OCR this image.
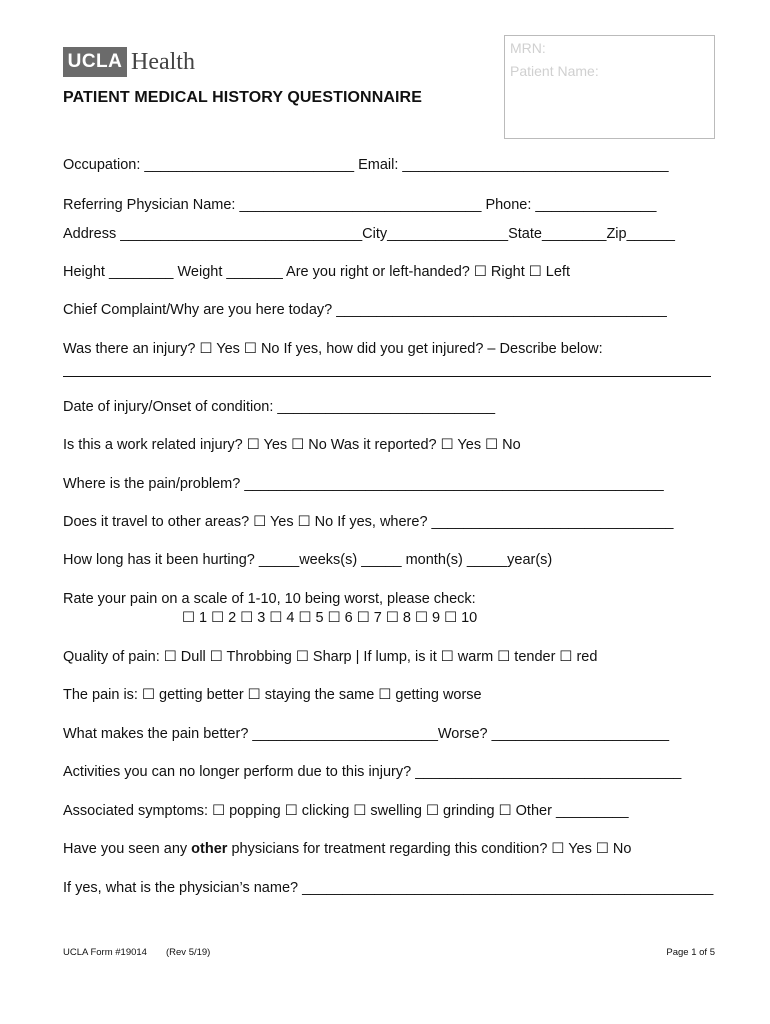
UCLA Health
PATIENT MEDICAL HISTORY QUESTIONNAIRE
MRN:
Patient Name:
Occupation: __________________________ Email: _________________________________
Referring Physician Name: ______________________________ Phone: _______________
Address ______________________________City_______________State________Zip______
Height ________ Weight _______ Are you right or left-handed? ☐ Right ☐ Left
Chief Complaint/Why are you here today? _________________________________________
Was there an injury? ☐ Yes ☐ No If yes, how did you get injured? – Describe below:
Date of injury/Onset of condition: ___________________________
Is this a work related injury? ☐ Yes ☐ No Was it reported? ☐ Yes ☐ No
Where is the pain/problem? ____________________________________________________
Does it travel to other areas? ☐ Yes ☐ No If yes, where? ______________________________
How long has it been hurting? _____weeks(s) _____ month(s) _____year(s)
Rate your pain on a scale of 1-10, 10 being worst, please check:
☐ 1 ☐ 2 ☐ 3 ☐ 4 ☐ 5 ☐ 6 ☐ 7 ☐ 8 ☐ 9 ☐ 10
Quality of pain: ☐ Dull ☐ Throbbing ☐ Sharp | If lump, is it ☐ warm ☐ tender ☐ red
The pain is: ☐ getting better ☐ staying the same ☐ getting worse
What makes the pain better? _______________________Worse? ______________________
Activities you can no longer perform due to this injury? _________________________________
Associated symptoms: ☐ popping ☐ clicking ☐ swelling ☐ grinding ☐ Other _________
Have you seen any other physicians for treatment regarding this condition? ☐ Yes ☐ No
If yes, what is the physician’s name? ___________________________________________________
UCLA Form #19014 (Rev 5/19)	Page 1 of 5
